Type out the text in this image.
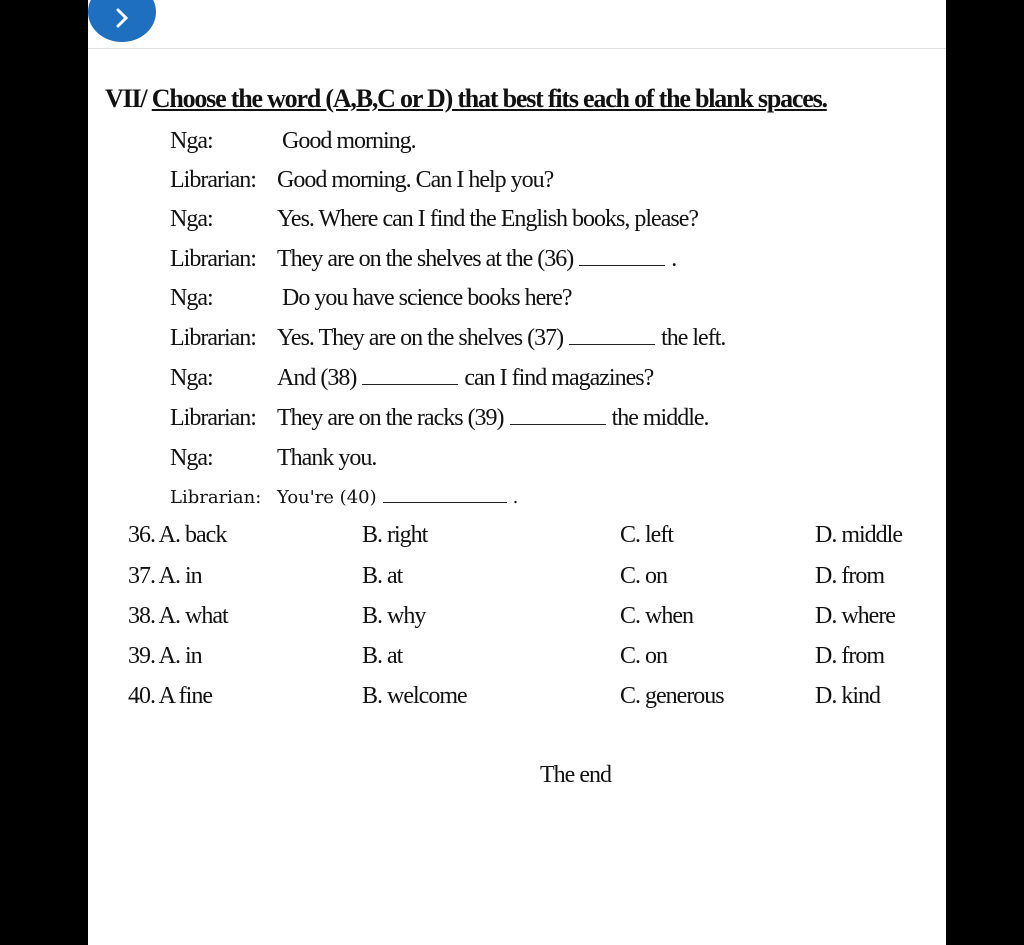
VII/ Choose the word (A,B,C or D) that best fits each of the blank spaces.
Nga:	Good morning.
Librarian: Good morning. Can I help you?
Nga:	Yes. Where can I find the English books, please?
Librarian: They are on the shelves at the (36)	.
Nga:	Do you have science books here?
Librarian: Yes. They are on the shelves (37)	the left.
Nga:	And (38)	can I find magazines?
Librarian: They are on the racks (39)	the middle.
Nga:	Thank you.
Librarian: You're (40)	.
36. A. back	B. right	C. left	D. middle
37. A. in	B. at	C. on	D. from
38. A. what	B. why	C. when	D. where
39. A. in	B. at	C. on	D. from
40. A fine	B. welcome	C. generous	D. kind
The end
